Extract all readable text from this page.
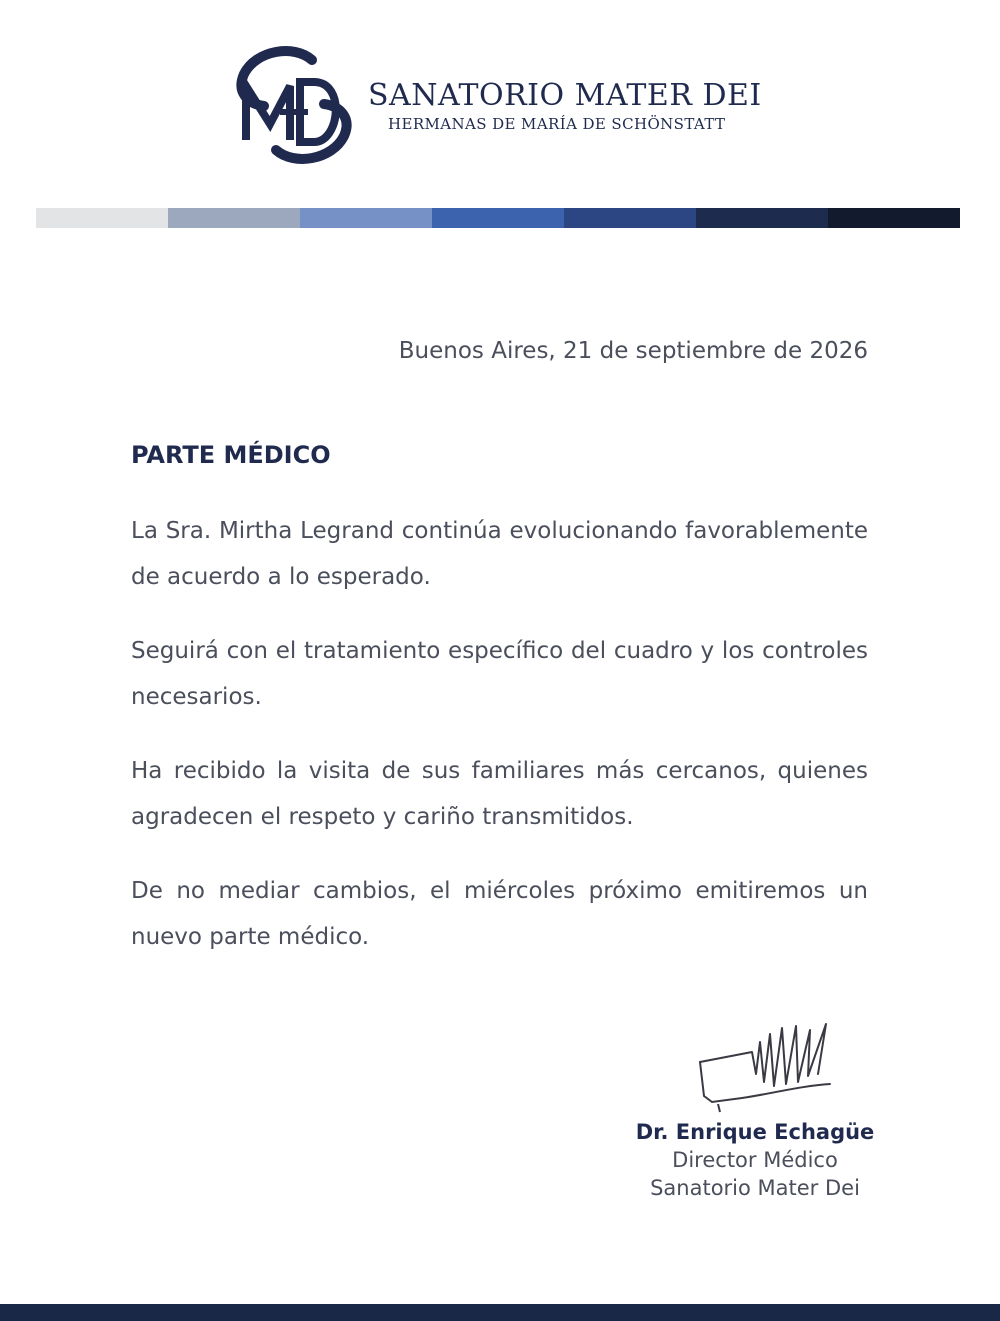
SANATORIO MATER DEI
HERMANAS DE MARÍA DE SCHÖNSTATT
Buenos Aires, 21 de septiembre de 2026
PARTE MÉDICO

La Sra. Mirtha Legrand continúa evolucionando favorablemente de acuerdo a lo esperado.

Seguirá con el tratamiento específico del cuadro y los controles necesarios.

Ha recibido la visita de sus familiares más cercanos, quienes agradecen el respeto y cariño transmitidos.

De no mediar cambios, el miércoles próximo emitiremos un nuevo parte médico.

Dr. Enrique Echagüe
Director Médico
Sanatorio Mater Dei
